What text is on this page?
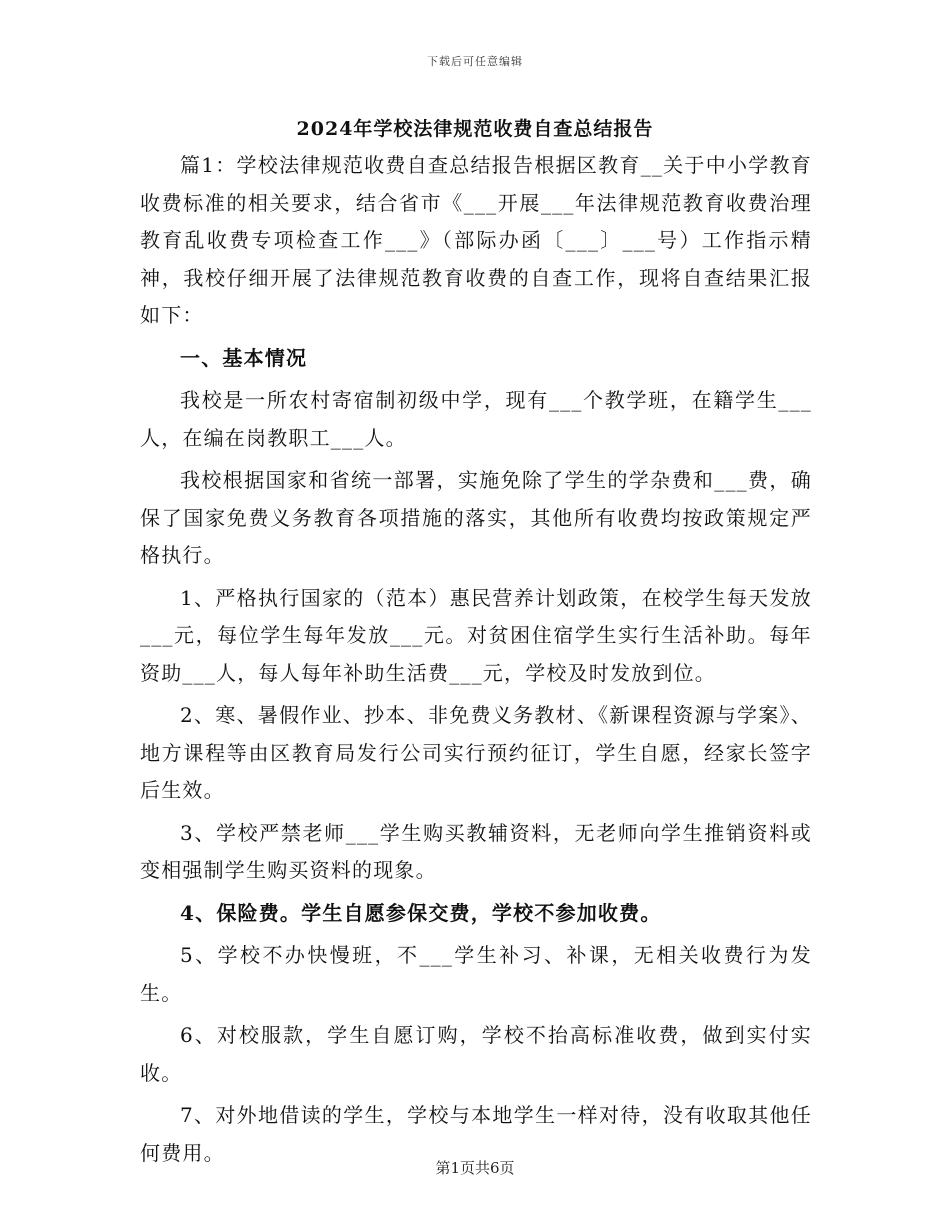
下载后可任意编辑
2024年学校法律规范收费自查总结报告

篇1：学校法律规范收费自查总结报告根据区教育__关于中小学教育收费标准的相关要求，结合省市《___开展___年法律规范教育收费治理教育乱收费专项检查工作___》（部际办函〔___〕___号）工作指示精神，我校仔细开展了法律规范教育收费的自查工作，现将自查结果汇报如下：

一、基本情况

我校是一所农村寄宿制初级中学，现有___个教学班，在籍学生___人，在编在岗教职工___人。

我校根据国家和省统一部署，实施免除了学生的学杂费和___费，确保了国家免费义务教育各项措施的落实，其他所有收费均按政策规定严格执行。

1、严格执行国家的（范本）惠民营养计划政策，在校学生每天发放___元，每位学生每年发放___元。对贫困住宿学生实行生活补助。每年资助___人，每人每年补助生活费___元，学校及时发放到位。

2、寒、暑假作业、抄本、非免费义务教材、《新课程资源与学案》、地方课程等由区教育局发行公司实行预约征订，学生自愿，经家长签字后生效。

3、学校严禁老师___学生购买教辅资料，无老师向学生推销资料或变相强制学生购买资料的现象。

4、保险费。学生自愿参保交费，学校不参加收费。

5、学校不办快慢班，不___学生补习、补课，无相关收费行为发生。

6、对校服款，学生自愿订购，学校不抬高标准收费，做到实付实收。

7、对外地借读的学生，学校与本地学生一样对待，没有收取其他任何费用。

第1页共6页
